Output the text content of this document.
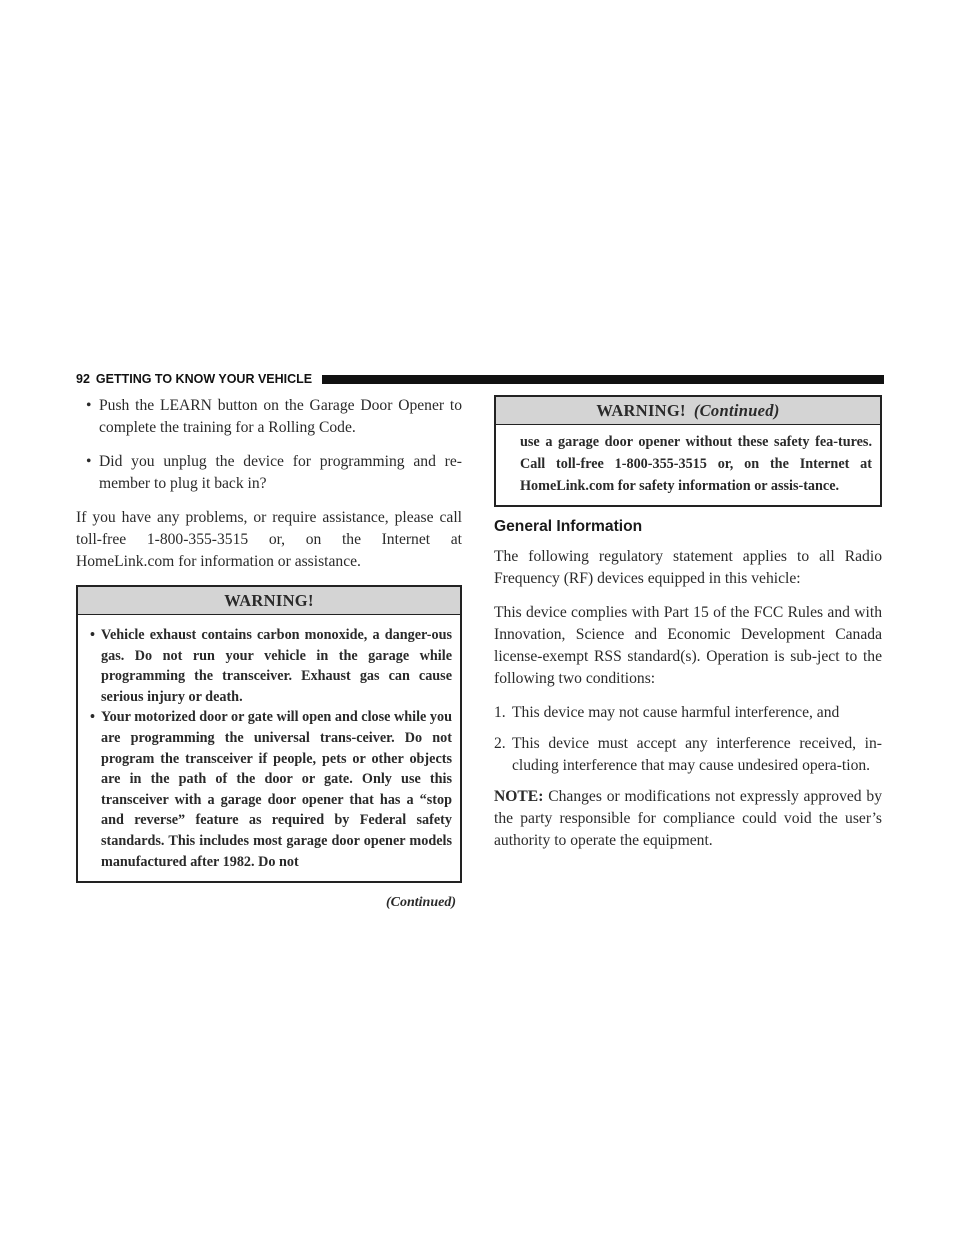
92 GETTING TO KNOW YOUR VEHICLE

• Push the LEARN button on the Garage Door Opener to complete the training for a Rolling Code.

• Did you unplug the device for programming and re-member to plug it back in?

If you have any problems, or require assistance, please call toll-free 1-800-355-3515 or, on the Internet at HomeLink.com for information or assistance.

WARNING!
• Vehicle exhaust contains carbon monoxide, a danger-ous gas. Do not run your vehicle in the garage while programming the transceiver. Exhaust gas can cause serious injury or death.
• Your motorized door or gate will open and close while you are programming the universal trans-ceiver. Do not program the transceiver if people, pets or other objects are in the path of the door or gate. Only use this transceiver with a garage door opener that has a “stop and reverse” feature as required by Federal safety standards. This includes most garage door opener models manufactured after 1982. Do not
(Continued)
WARNING! (Continued)

use a garage door opener without these safety fea-tures. Call toll-free 1-800-355-3515 or, on the Internet at HomeLink.com for safety information or assis-tance.

General Information

The following regulatory statement applies to all Radio Frequency (RF) devices equipped in this vehicle:

This device complies with Part 15 of the FCC Rules and with Innovation, Science and Economic Development Canada license-exempt RSS standard(s). Operation is sub-ject to the following two conditions:

1. This device may not cause harmful interference, and

2. This device must accept any interference received, in-cluding interference that may cause undesired opera-tion.

NOTE: Changes or modifications not expressly approved by the party responsible for compliance could void the user’s authority to operate the equipment.
